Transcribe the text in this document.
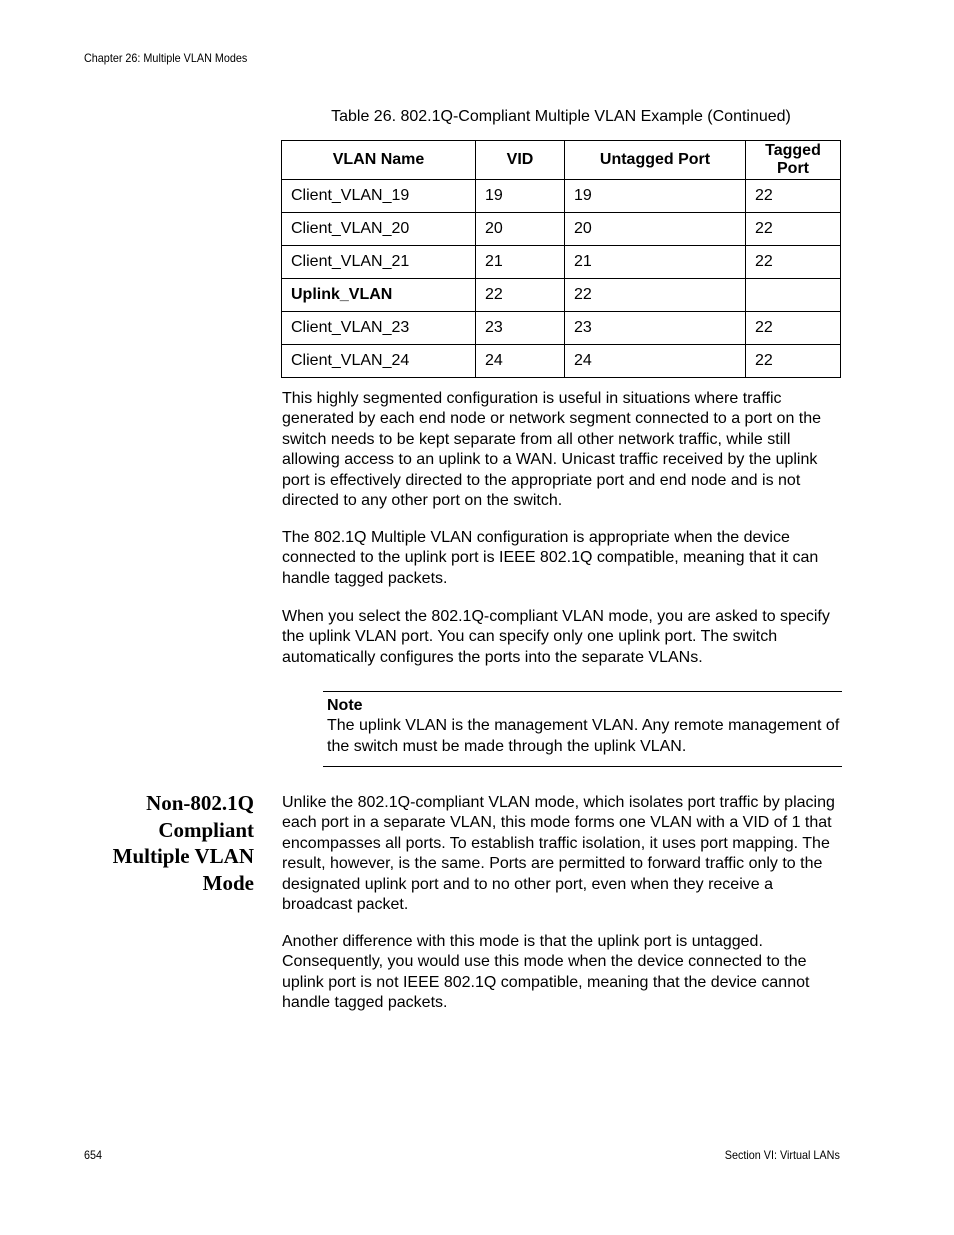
Chapter 26: Multiple VLAN Modes
Table 26. 802.1Q-Compliant Multiple VLAN Example (Continued)
VLAN Name	VID	Untagged Port	Tagged Port
Client_VLAN_19	19	19	22
Client_VLAN_20	20	20	22
Client_VLAN_21	21	21	22
Uplink_VLAN	22	22	
Client_VLAN_23	23	23	22
Client_VLAN_24	24	24	22

This highly segmented configuration is useful in situations where traffic generated by each end node or network segment connected to a port on the switch needs to be kept separate from all other network traffic, while still allowing access to an uplink to a WAN. Unicast traffic received by the uplink port is effectively directed to the appropriate port and end node and is not directed to any other port on the switch.

The 802.1Q Multiple VLAN configuration is appropriate when the device connected to the uplink port is IEEE 802.1Q compatible, meaning that it can handle tagged packets.

When you select the 802.1Q-compliant VLAN mode, you are asked to specify the uplink VLAN port. You can specify only one uplink port. The switch automatically configures the ports into the separate VLANs.

Note
The uplink VLAN is the management VLAN. Any remote management of the switch must be made through the uplink VLAN.
Non-802.1Q
Compliant
Multiple VLAN
Mode

Unlike the 802.1Q-compliant VLAN mode, which isolates port traffic by placing each port in a separate VLAN, this mode forms one VLAN with a VID of 1 that encompasses all ports. To establish traffic isolation, it uses port mapping. The result, however, is the same. Ports are permitted to forward traffic only to the designated uplink port and to no other port, even when they receive a broadcast packet.

Another difference with this mode is that the uplink port is untagged. Consequently, you would use this mode when the device connected to the uplink port is not IEEE 802.1Q compatible, meaning that the device cannot handle tagged packets.

654	Section VI: Virtual LANs
